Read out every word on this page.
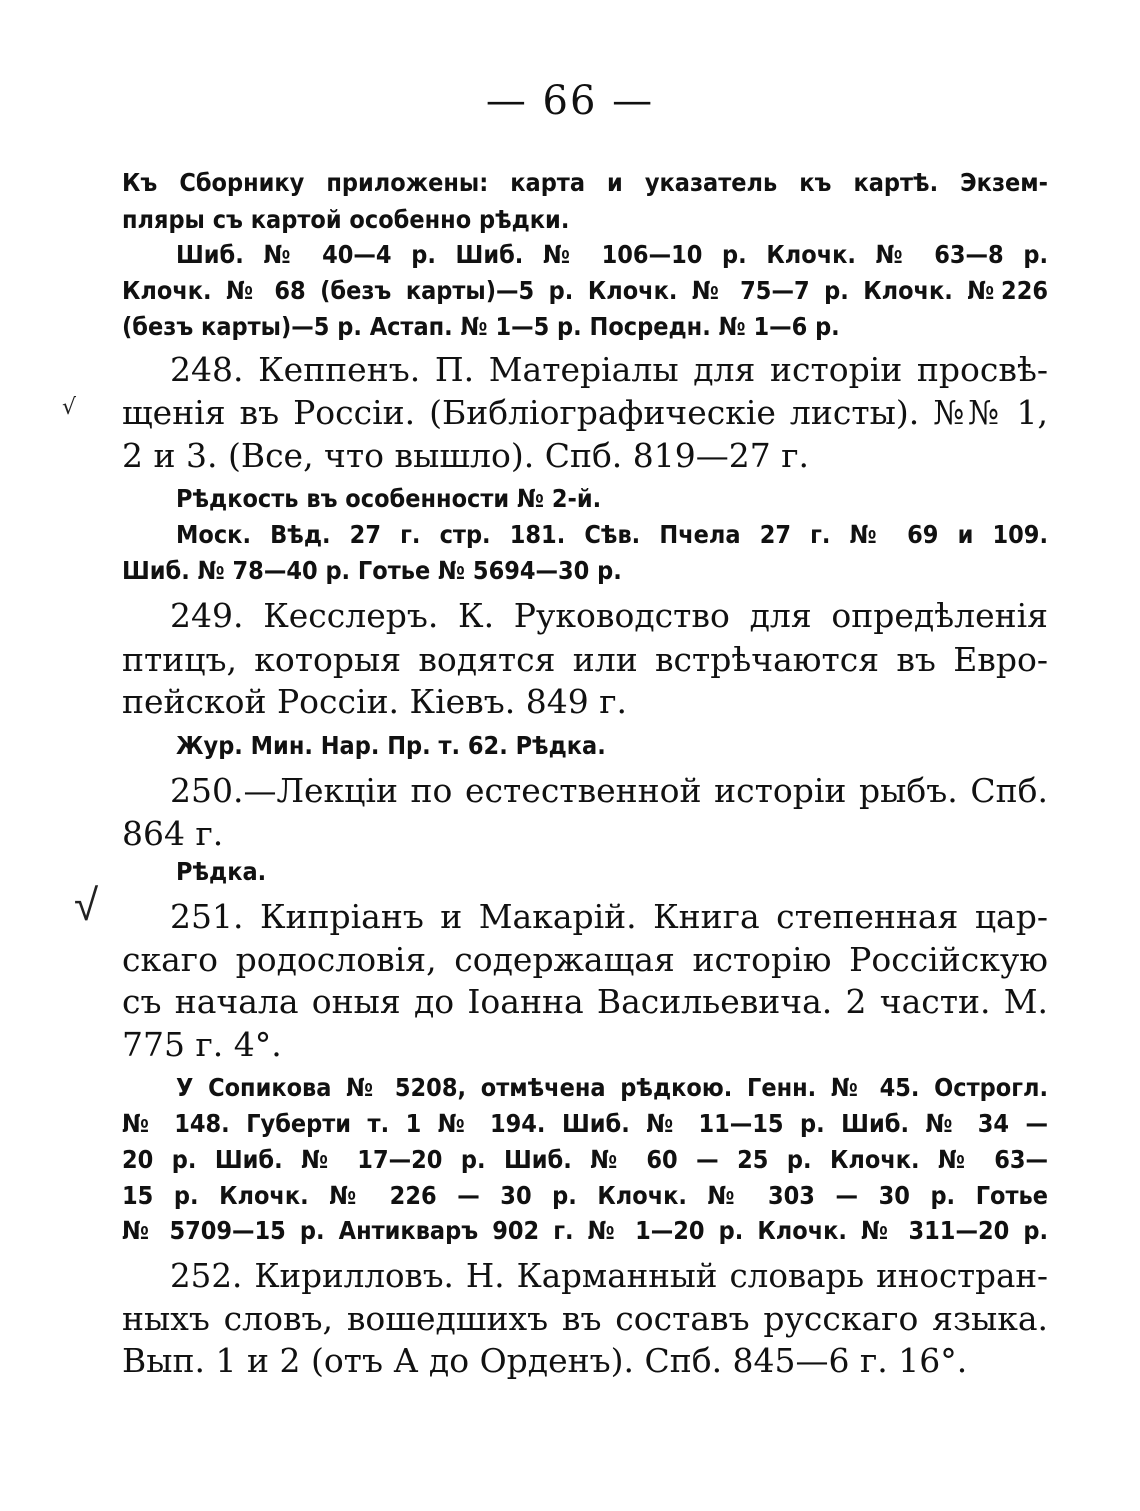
— 66 —
Къ Сборнику приложены: карта и указатель къ картѣ. Экзем-
пляры съ картой особенно рѣдки.
Шиб. № 40—4 р. Шиб. № 106—10 р. Клочк. № 63—8 р.
Клочк. № 68 (безъ карты)—5 р. Клочк. № 75—7 р. Клочк. №226
(безъ карты)—5 р. Астап. № 1—5 р. Посредн. № 1—6 р.
248. Кеппенъ. П. Матеріалы для исторіи просвѣ-
щенія въ Россіи. (Библіографическіе листы). №№ 1,
2 и 3. (Все, что вышло). Спб. 819—27 г.
Рѣдкость въ особенности № 2-й.
Моск. Вѣд. 27 г. стр. 181. Сѣв. Пчела 27 г. № 69 и 109.
Шиб. № 78—40 р. Готье № 5694—30 р.
249. Кесслеръ. К. Руководство для опредѣленія
птицъ, которыя водятся или встрѣчаются въ Евро-
пейской Россіи. Кіевъ. 849 г.
Жур. Мин. Нар. Пр. т. 62. Рѣдка.
250.—Лекціи по естественной исторіи рыбъ. Спб.
864 г.
Рѣдка.
251. Кипріанъ и Макарій. Книга степенная цар-
скаго родословія, содержащая исторію Россійскую
съ начала оныя до Іоанна Васильевича. 2 части. М.
775 г. 4°.
У Сопикова № 5208, отмѣчена рѣдкою. Генн. № 45. Острогл.
№ 148. Губерти т. 1 № 194. Шиб. № 11—15 р. Шиб. № 34 —
20 р. Шиб. № 17—20 р. Шиб. № 60 — 25 р. Клочк. № 63—
15 р. Клочк. № 226 — 30 р. Клочк. № 303 — 30 р. Готье
№ 5709—15 р. Антикваръ 902 г. № 1—20 р. Клочк. № 311—20 р.
252. Кирилловъ. Н. Карманный словарь иностран-
ныхъ словъ, вошедшихъ въ составъ русскаго языка.
Вып. 1 и 2 (отъ А до Орденъ). Спб. 845—6 г. 16°.
√
√
